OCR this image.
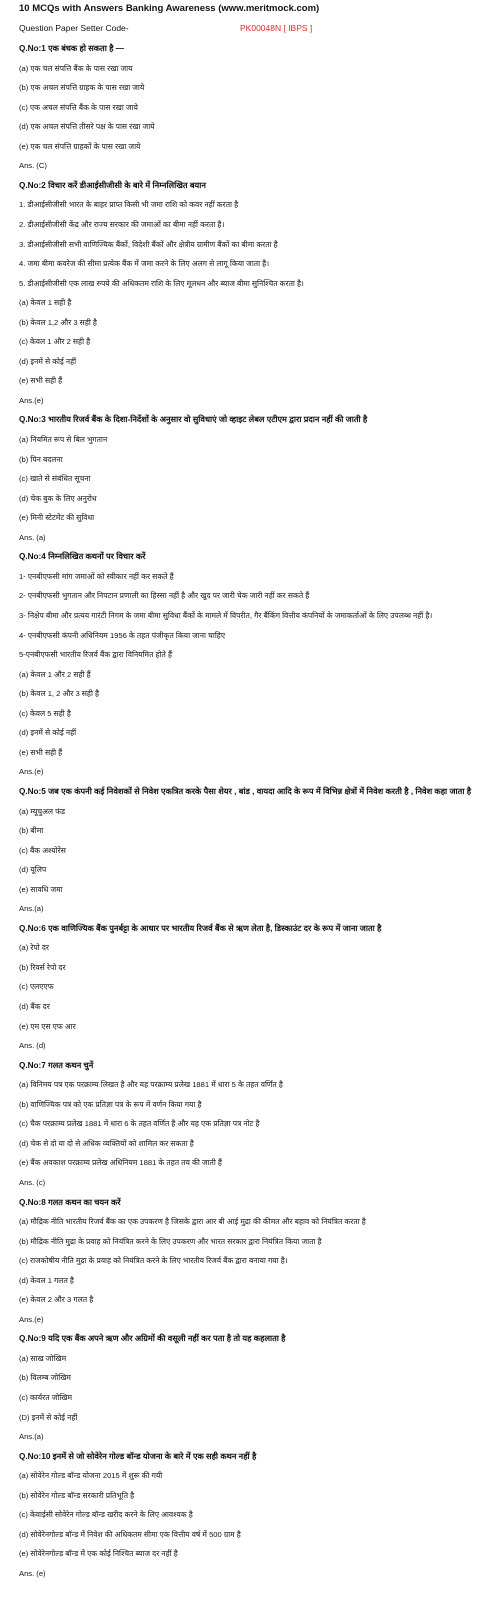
10 MCQs with Answers Banking Awareness (www.meritmock.com)
Question Paper Setter Code-	PK00048N [ IBPS ]
Q.No:1 एक बंधक हो सकता है —
(a) एक चल संपत्ति बैंक के पास रखा जाय
(b) एक अचल संपत्ति ग्राहक के पास रखा जाये
(c) एक अचल संपत्ति बैंक के पास रखा जाये
(d) एक अचल संपत्ति तीसरे पक्ष के पास रखा जाये
(e) एक चल संपत्ति ग्राहकों के पास रखा जाये
Ans. (C)
Q.No:2 विचार करें डीआईसीजीसी के बारे में निम्नलिखित बयान
1. डीआईसीजीसी भारत के बाहर प्राप्त किसी भी जमा राशि को कवर नहीं करता है
2. डीआईसीजीसी केंद्र और राज्य सरकार की जमाओं का बीमा नहीं करता है।
3. डीआईसीजीसी सभी वाणिज्यिक बैंकों, विदेशी बैंकों और क्षेत्रीय ग्रामीण बैंकों का बीमा करता है
4. जमा बीमा कवरेज की सीमा प्रत्येक बैंक में जमा करने के लिए अलग से लागू किया जाता है।
5. डीआईसीजीसी एक लाख रुपये की अधिकतम राशि के लिए मूलधन और ब्याज बीमा सुनिश्चित करता है।
(a) केवल 1 सही है
(b) केवल 1,2 और 3 सही है
(c) केवल 1 और 2 सही है
(d) इनमें से कोई नहीं
(e) सभी सही हैं
Ans.(e)
Q.No:3 भारतीय रिजर्व बैंक के दिशा-निर्देशों के अनुसार वो सुविधाएं जो व्हाइट लेबल एटीएम द्वारा प्रदान नहीं की जाती है
(a) नियमित रूप से बिल भुगतान
(b) पिन बदलना
(c) खाते से संबंधित सूचना
(d) चेक बुक के लिए अनुरोध
(e) मिनी स्टेटमेंट की सुविधा
Ans. (a)
Q.No:4 निम्नलिखित कथनों पर विचार करें
1- एनबीएफसी मांग जमाओं को स्वीकार नहीं कर सकते हैं
2- एनबीएफसी भुगतान और निपटान प्रणाली का हिस्सा नहीं है और खुद पर जारी चेक जारी नहीं कर सकते हैं
3- निक्षेप बीमा और प्रत्यय गारंटी निगम के जमा बीमा सुविधा बैंकों के मामले में विपरीत, गैर बैंकिंग वित्तीय कंपनियों के जमाकर्ताओं के लिए उपलब्ध नहीं है।
4- एनबीएफसी कंपनी अधिनियम 1956 के तहत पंजीकृत किया जाना चाहिए
5-एनबीएफसी भारतीय रिजर्व बैंक द्वारा विनियमित होते हैं
(a) केवल 1 और 2 सही हैं
(b) केवल 1, 2 और 3 सही है
(c) केवल 5 सही है
(d) इनमें से कोई नहीं
(e) सभी सही हैं
Ans.(e)
Q.No:5 जब एक कंपनी कई निवेशकों से निवेश एकत्रित करके पैसा शेयर , बांड , वायदा आदि के रूप में विभिन्न क्षेत्रों में निवेश करती है , निवेश कहा जाता है
(a) म्यूचुअल फंड
(b) बीमा
(c) बैंक अश्योरेंस
(d) यूलिप
(e) सावधि जमा
Ans.(a)
Q.No:6 एक वाणिज्यिक बैंक पुनर्बट्टा के आधार पर भारतीय रिजर्व बैंक से ऋण लेता है, डिस्काउंट दर के रूप में जाना जाता है
(a) रेपो दर
(b) रिवर्स रेपो दर
(c) एलएएफ
(d) बैंक दर
(e) एम एस एफ आर
Ans. (d)
Q.No:7 गलत कथन चुनें
(a) विनिमय पत्र एक परक्राम्य लिखत है और यह परक्राम्य प्रलेख 1881 में धारा 5 के तहत वर्णित है
(b) वाणिज्यिक पत्र को एक प्रतिज्ञा पत्र के रूप में वर्णन किया गया है
(c) चैक परक्राम्य प्रलेख 1881 में धारा 6 के तहत वर्णित है और यह एक प्रतिज्ञा पत्र नोट है
(d) चेक से दो या दो से अधिक व्यक्तियों को शामिल कर सकता है
(e) बैंक अवकाश परक्राम्य प्रलेख अधिनियम 1881 के तहत तय की जाती हैं
Ans. (c)
Q.No:8 गलत कथन का चयन करें
(a) मौद्रिक नीति भारतीय रिजर्व बैंक का एक उपकरण है जिसके द्वारा आर बी आई मुद्रा की कीमत और बहाव को नियंत्रित करता है
(b) मौद्रिक नीति मुद्रा के प्रवाह को नियंत्रित करने के लिए उपकरण और भारत सरकार द्वारा नियंत्रित किया जाता है
(c) राजकोषीय नीति मुद्रा के प्रवाह को नियंत्रित करने के लिए भारतीय रिजर्व बैंक द्वारा बनाया गया है।
(d) केवल 1 गलत है
(e) केवल 2 और 3 गलत है
Ans.(e)
Q.No:9 यदि एक बैंक अपने ऋण और अग्रिमों की वसूली नहीं कर पता है तो यह कहलाता है
(a) साख जोखिम
(b) विलम्ब जोखिम
(c) कार्यरत जोखिम
(D) इनमें से कोई नहीं
Ans.(a)
Q.No:10 इनमें से जो सोवेरेन गोल्ड बॉन्ड योजना के बारे में एक सही कथन नहीं है
(a) सोवेरेन गोल्ड बॉन्ड योजना 2015 में शुरू की गयी
(b) सोवेरेन गोल्ड बॉन्ड सरकारी प्रतिभूति है
(c) केवाईसी सोवेरेन गोल्ड बॉन्ड खरीद करने के लिए आवश्यक है
(d) सोवेरेनगोल्ड बॉन्ड में निवेश की अधिकतम सीमा एक वित्तीय वर्ष में 500 ग्राम है
(e) सोवेरेनगोल्ड बॉन्ड में एक कोई निश्चित ब्याज दर नहीं है
Ans. (e)
